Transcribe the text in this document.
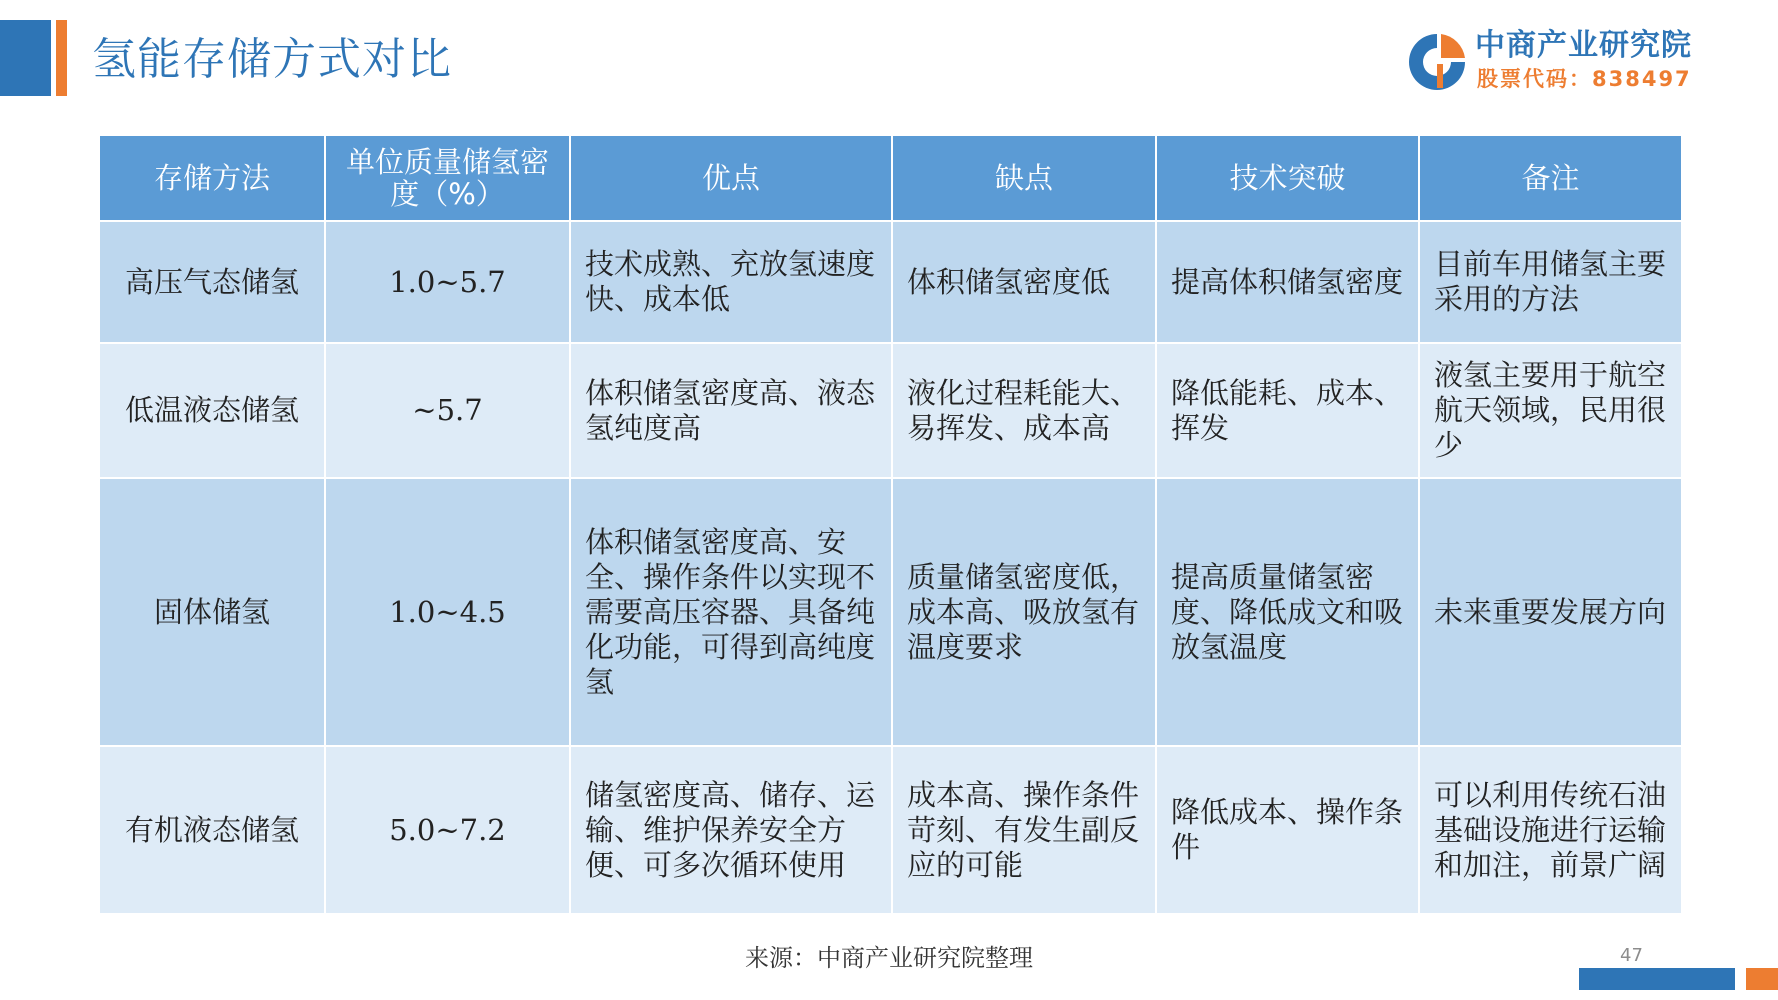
氢能存储方式对比	中商产业研究院
股票代码：838497
存储方法	单位质量储氢密度（%）	优点	缺点	技术突破	备注
高压气态储氢	1.0~5.7	技术成熟、充放氢速度快、成本低	体积储氢密度低	提高体积储氢密度	目前车用储氢主要采用的方法
低温液态储氢	~5.7	体积储氢密度高、液态氢纯度高	液化过程耗能大、易挥发、成本高	降低能耗、成本、挥发	液氢主要用于航空航天领域，民用很少
固体储氢	1.0~4.5	体积储氢密度高、安全、操作条件以实现不需要高压容器、具备纯化功能，可得到高纯度氢	质量储氢密度低，成本高、吸放氢有温度要求	提高质量储氢密度、降低成文和吸放氢温度	未来重要发展方向
有机液态储氢	5.0~7.2	储氢密度高、储存、运输、维护保养安全方便、可多次循环使用	成本高、操作条件苛刻、有发生副反应的可能	降低成本、操作条件	可以利用传统石油基础设施进行运输和加注，前景广阔
来源：中商产业研究院整理	47
